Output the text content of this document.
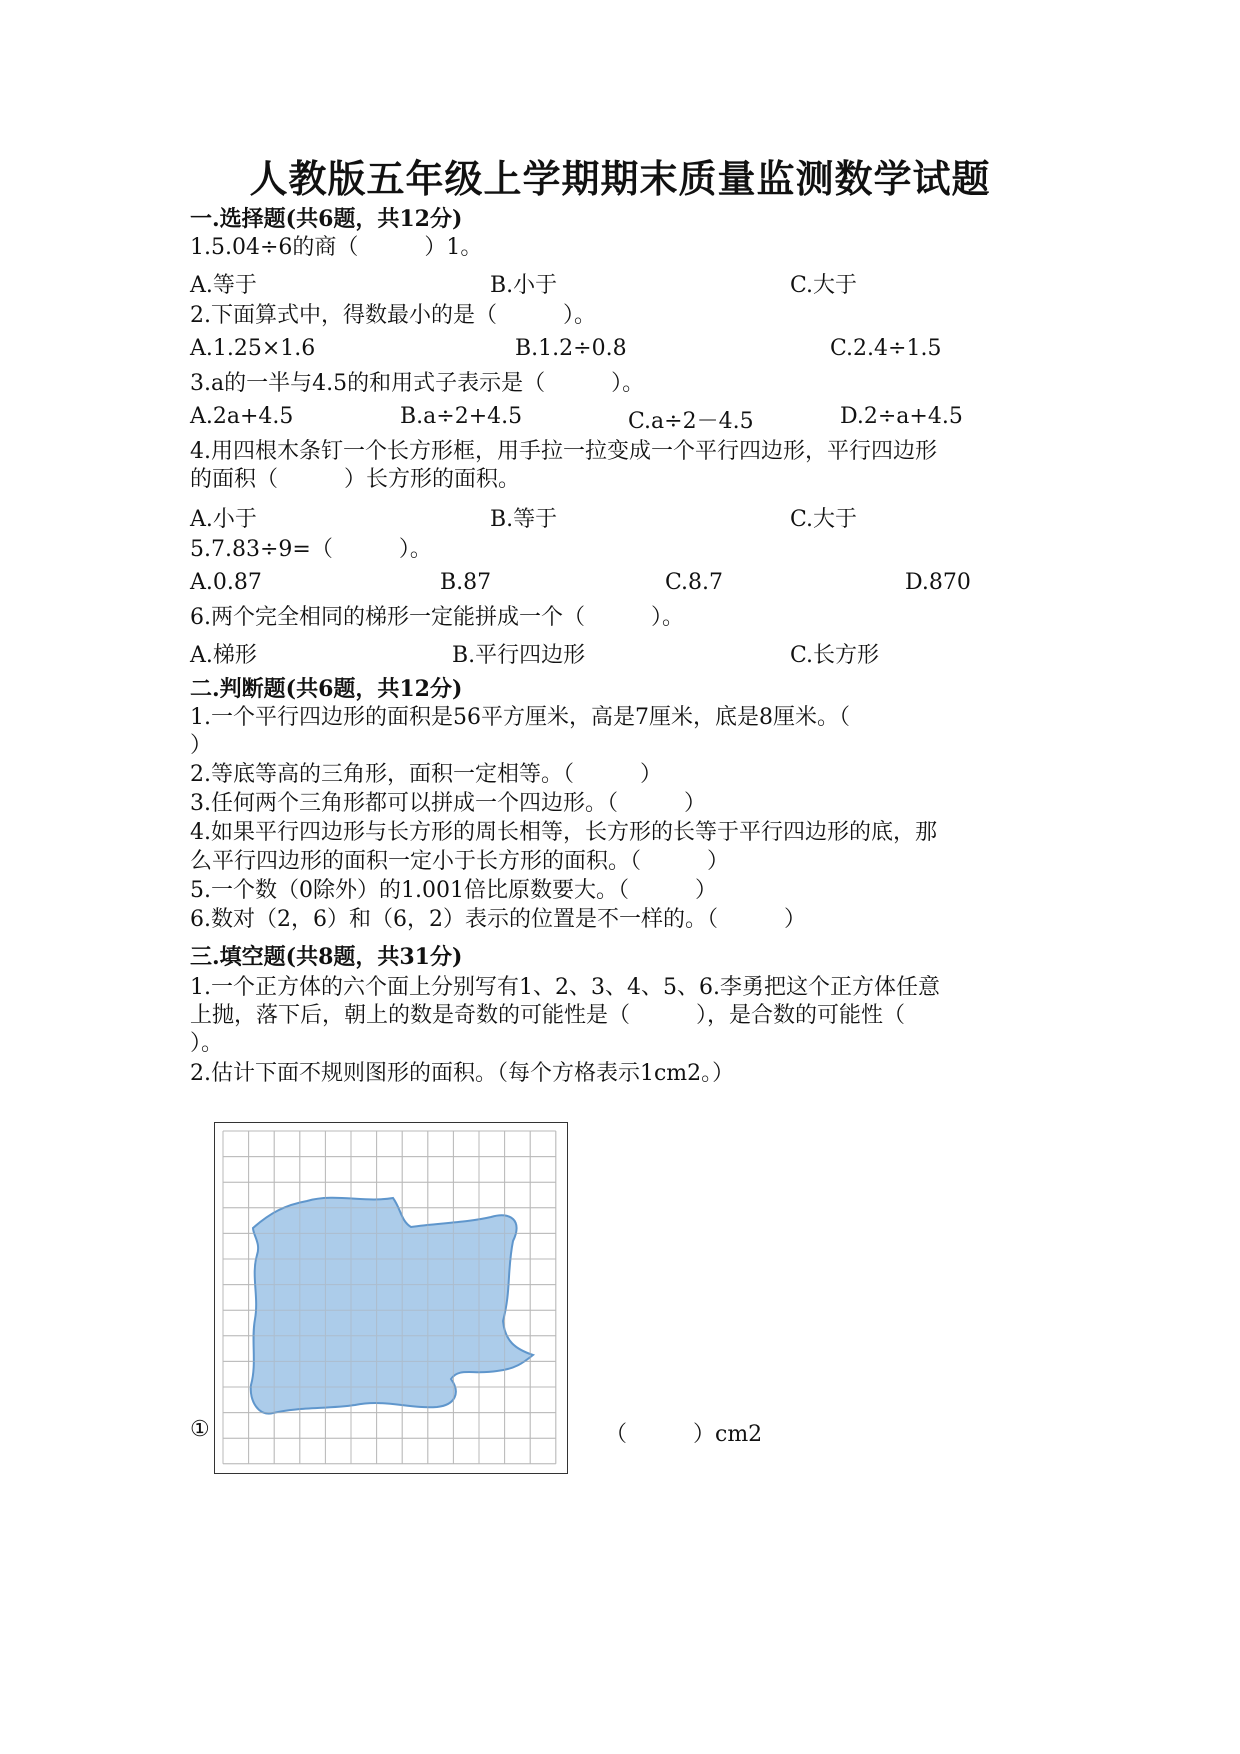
人教版五年级上学期期末质量监测数学试题
一.选择题(共6题，共12分)
1.5.04÷6的商（　　　）1。
A.等于	B.小于	C.大于
2.下面算式中，得数最小的是（　　　）。
A.1.25×1.6	B.1.2÷0.8	C.2.4÷1.5
3.a的一半与4.5的和用式子表示是（　　　）。
A.2a+4.5	B.a÷2+4.5	C.a÷2－4.5	D.2÷a+4.5
4.用四根木条钉一个长方形框，用手拉一拉变成一个平行四边形，平行四边形
的面积（　　　）长方形的面积。
A.小于	B.等于	C.大于
5.7.83÷9=（　　　）。
A.0.87	B.87	C.8.7	D.870
6.两个完全相同的梯形一定能拼成一个（　　　）。
A.梯形	B.平行四边形	C.长方形
二.判断题(共6题，共12分)
1.一个平行四边形的面积是56平方厘米，高是7厘米，底是8厘米。（
）
2.等底等高的三角形，面积一定相等。（　　　）
3.任何两个三角形都可以拼成一个四边形。（　　　）
4.如果平行四边形与长方形的周长相等，长方形的长等于平行四边形的底，那
么平行四边形的面积一定小于长方形的面积。（　　　）
5.一个数（0除外）的1.001倍比原数要大。（　　　）
6.数对（2，6）和（6，2）表示的位置是不一样的。（　　　）
三.填空题(共8题，共31分)
1.一个正方体的六个面上分别写有1、2、3、4、5、6.李勇把这个正方体任意
上抛，落下后，朝上的数是奇数的可能性是（　　　），是合数的可能性（
）。
2.估计下面不规则图形的面积。（每个方格表示1cm2。）
①	（　　　）cm2
